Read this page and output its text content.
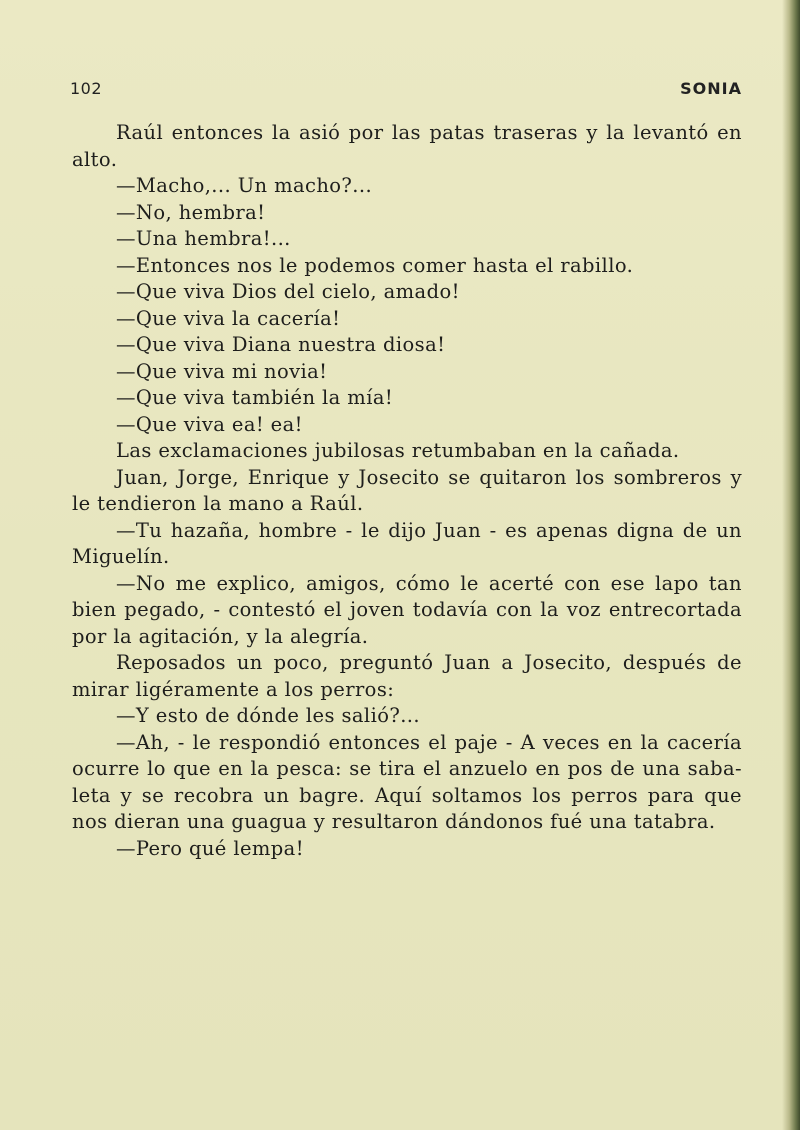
102	SONIA

Raúl entonces la asió por las patas traseras y la levantó en alto.

—Macho,... Un macho?...

—No, hembra!

—Una hembra!...

—Entonces nos le podemos comer hasta el rabillo.

—Que viva Dios del cielo, amado!

—Que viva la cacería!

—Que viva Diana nuestra diosa!

—Que viva mi novia!

—Que viva también la mía!

—Que viva ea! ea!

Las exclamaciones jubilosas retumbaban en la cañada.

Juan, Jorge, Enrique y Josecito se quitaron los sombreros y le tendieron la mano a Raúl.

—Tu hazaña, hombre - le dijo Juan - es apenas digna de un Miguelín.

—No me explico, amigos, cómo le acerté con ese lapo tan bien pegado, - contestó el joven todavía con la voz entrecortada por la agitación, y la alegría.

Reposados un poco, preguntó Juan a Josecito, después de mirar ligéramente a los perros:

—Y esto de dónde les salió?...

—Ah, - le respondió entonces el paje - A veces en la cacería ocurre lo que en la pesca: se tira el anzuelo en pos de una saba-leta y se recobra un bagre. Aquí soltamos los perros para que nos dieran una guagua y resultaron dándonos fué una tatabra.

—Pero qué lempa!
